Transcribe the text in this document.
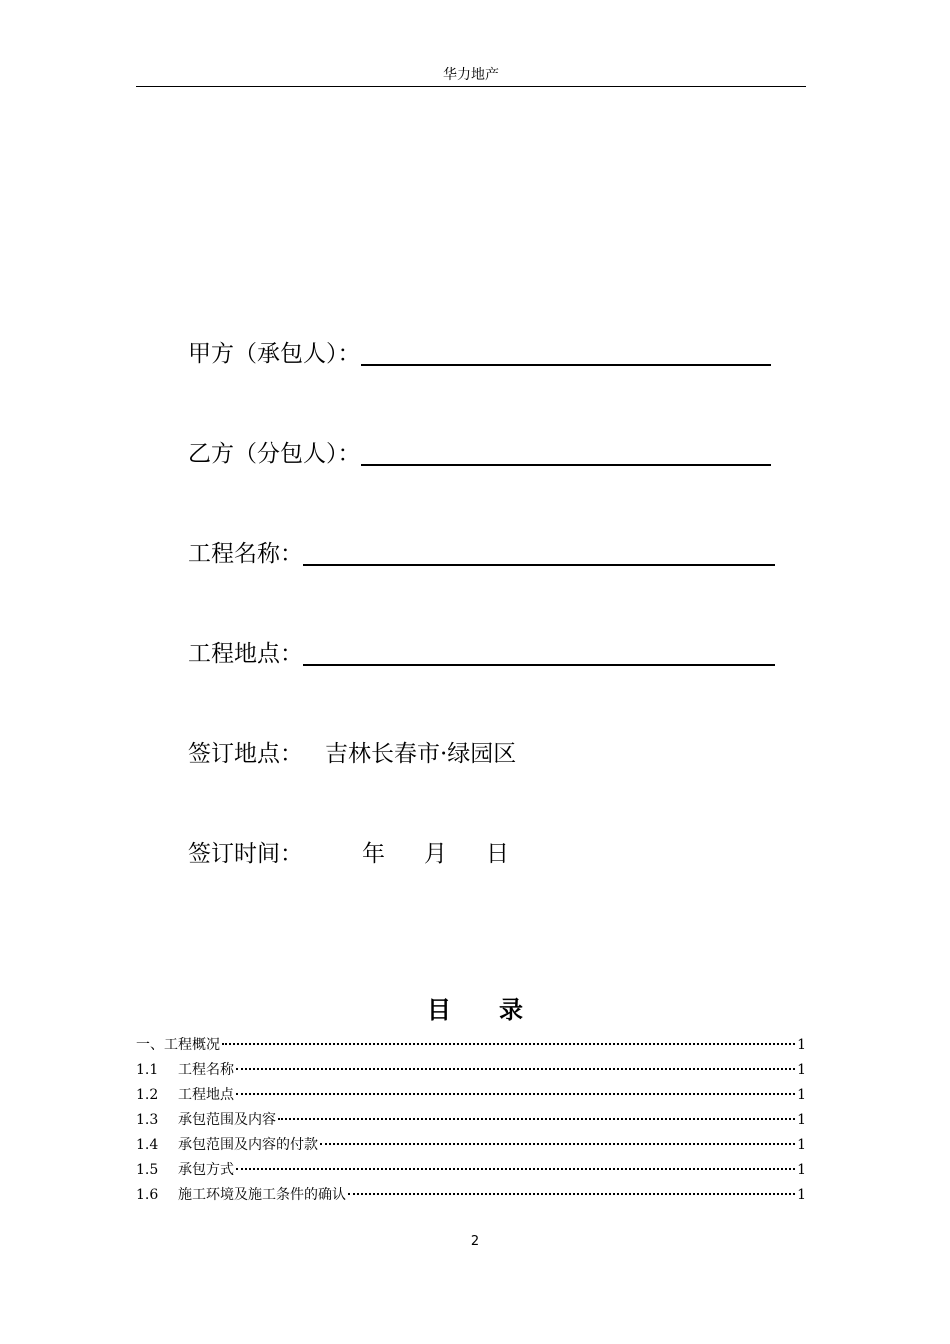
华力地产
甲方（承包人）：
乙方（分包人）：
工程名称：
工程地点：
签订地点： 吉林长春市·绿园区
签订时间：	年 月 日
目 录
一、 工程概况	1
1.1	工程名称	1
1.2	工程地点	1
1.3	承包范围及内容	1
1.4	承包范围及内容的付款	1
1.5	承包方式	1
1.6	施工环境及施工条件的确认	1
2
